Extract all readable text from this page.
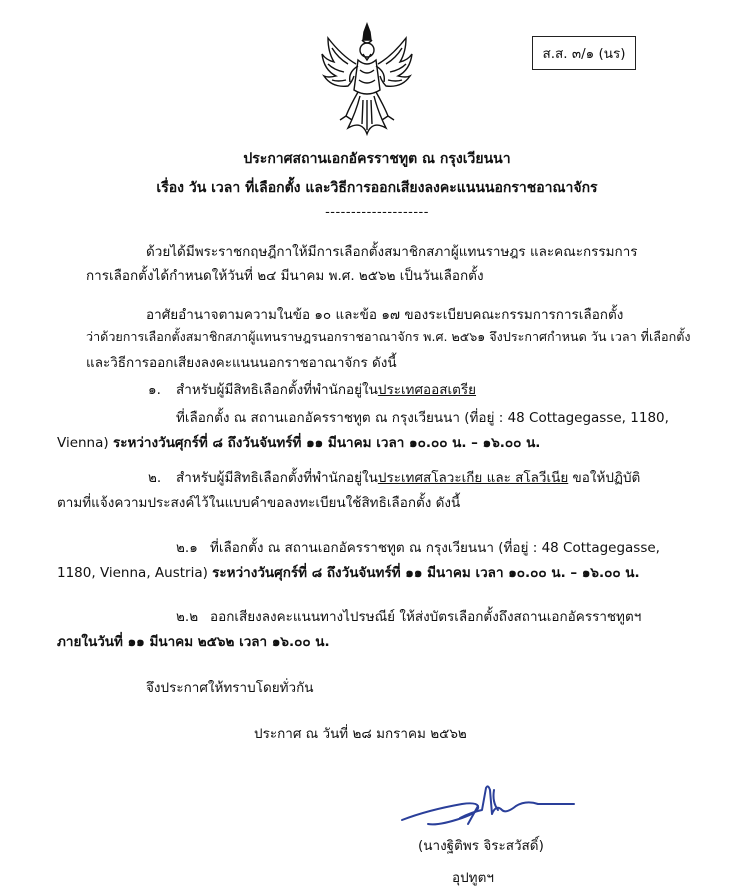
ส.ส. ๓/๑ (นร)
ประกาศสถานเอกอัครราชทูต ณ กรุงเวียนนา
เรื่อง วัน เวลา ที่เลือกตั้ง และวิธีการออกเสียงลงคะแนนนอกราชอาณาจักร
--------------------
ด้วยได้มีพระราชกฤษฎีกาให้มีการเลือกตั้งสมาชิกสภาผู้แทนราษฎร และคณะกรรมการ
การเลือกตั้งได้กำหนดให้วันที่ ๒๔ มีนาคม พ.ศ. ๒๕๖๒ เป็นวันเลือกตั้ง
อาศัยอำนาจตามความในข้อ ๑๐ และข้อ ๑๗ ของระเบียบคณะกรรมการการเลือกตั้ง
ว่าด้วยการเลือกตั้งสมาชิกสภาผู้แทนราษฎรนอกราชอาณาจักร พ.ศ. ๒๕๖๑ จึงประกาศกำหนด วัน เวลา ที่เลือกตั้ง
และวิธีการออกเสียงลงคะแนนนอกราชอาณาจักร ดังนี้
๑. สำหรับผู้มีสิทธิเลือกตั้งที่พำนักอยู่ในประเทศออสเตรีย
ที่เลือกตั้ง ณ สถานเอกอัครราชทูต ณ กรุงเวียนนา (ที่อยู่ : 48 Cottagegasse, 1180,
Vienna) ระหว่างวันศุกร์ที่ ๘ ถึงวันจันทร์ที่ ๑๑ มีนาคม เวลา ๑๐.๐๐ น. – ๑๖.๐๐ น.
๒. สำหรับผู้มีสิทธิเลือกตั้งที่พำนักอยู่ในประเทศสโลวะเกีย และ สโลวีเนีย ขอให้ปฏิบัติ
ตามที่แจ้งความประสงค์ไว้ในแบบคำขอลงทะเบียนใช้สิทธิเลือกตั้ง ดังนี้
๒.๑ ที่เลือกตั้ง ณ สถานเอกอัครราชทูต ณ กรุงเวียนนา (ที่อยู่ : 48 Cottagegasse,
1180, Vienna, Austria) ระหว่างวันศุกร์ที่ ๘ ถึงวันจันทร์ที่ ๑๑ มีนาคม เวลา ๑๐.๐๐ น. – ๑๖.๐๐ น.
๒.๒ ออกเสียงลงคะแนนทางไปรษณีย์ ให้ส่งบัตรเลือกตั้งถึงสถานเอกอัครราชทูตฯ
ภายในวันที่ ๑๑ มีนาคม ๒๕๖๒ เวลา ๑๖.๐๐ น.
จึงประกาศให้ทราบโดยทั่วกัน
ประกาศ ณ วันที่ ๒๘ มกราคม ๒๕๖๒
(นางฐิติพร จิระสวัสดิ์)
อุปทูตฯ
